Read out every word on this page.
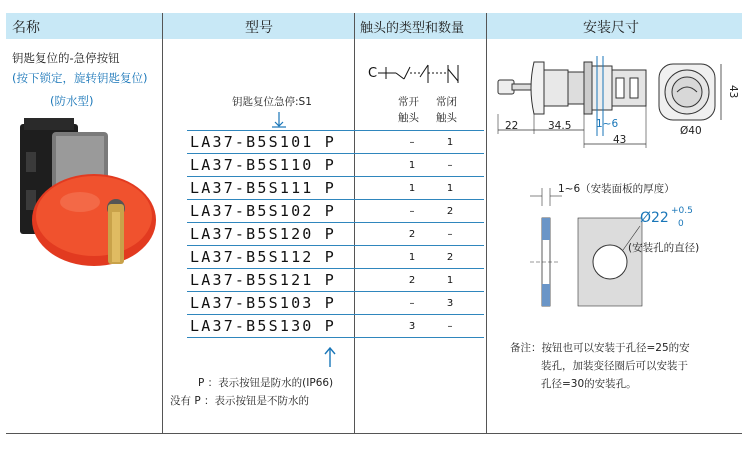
名称	型号	触头的类型和数量	安装尺寸
钥匙复位的-急停按钮
(按下锁定，旋转钥匙复位)
(防水型)	钥匙复位急停:S1
LA37-B5S101 P	–	1
LA37-B5S110 P	1	–
LA37-B5S111 P	1	1
LA37-B5S102 P	–	2
LA37-B5S120 P	2	–
LA37-B5S112 P	1	2
LA37-B5S121 P	2	1
LA37-B5S103 P	–	3
LA37-B5S130 P	3	–
P ：表示按钮是防水的(IP66)
没有 P ：表示按钮是不防水的
C
常开
触头
常闭
触头
22	34.5 1~6
43
43
Ø40
1~6（安装面板的厚度）
Ø22 +0.5
0
(安装孔的直径)
备注：按钮也可以安装于孔径=25的安
装孔，加装变径圈后可以安装于
孔径=30的安装孔。
